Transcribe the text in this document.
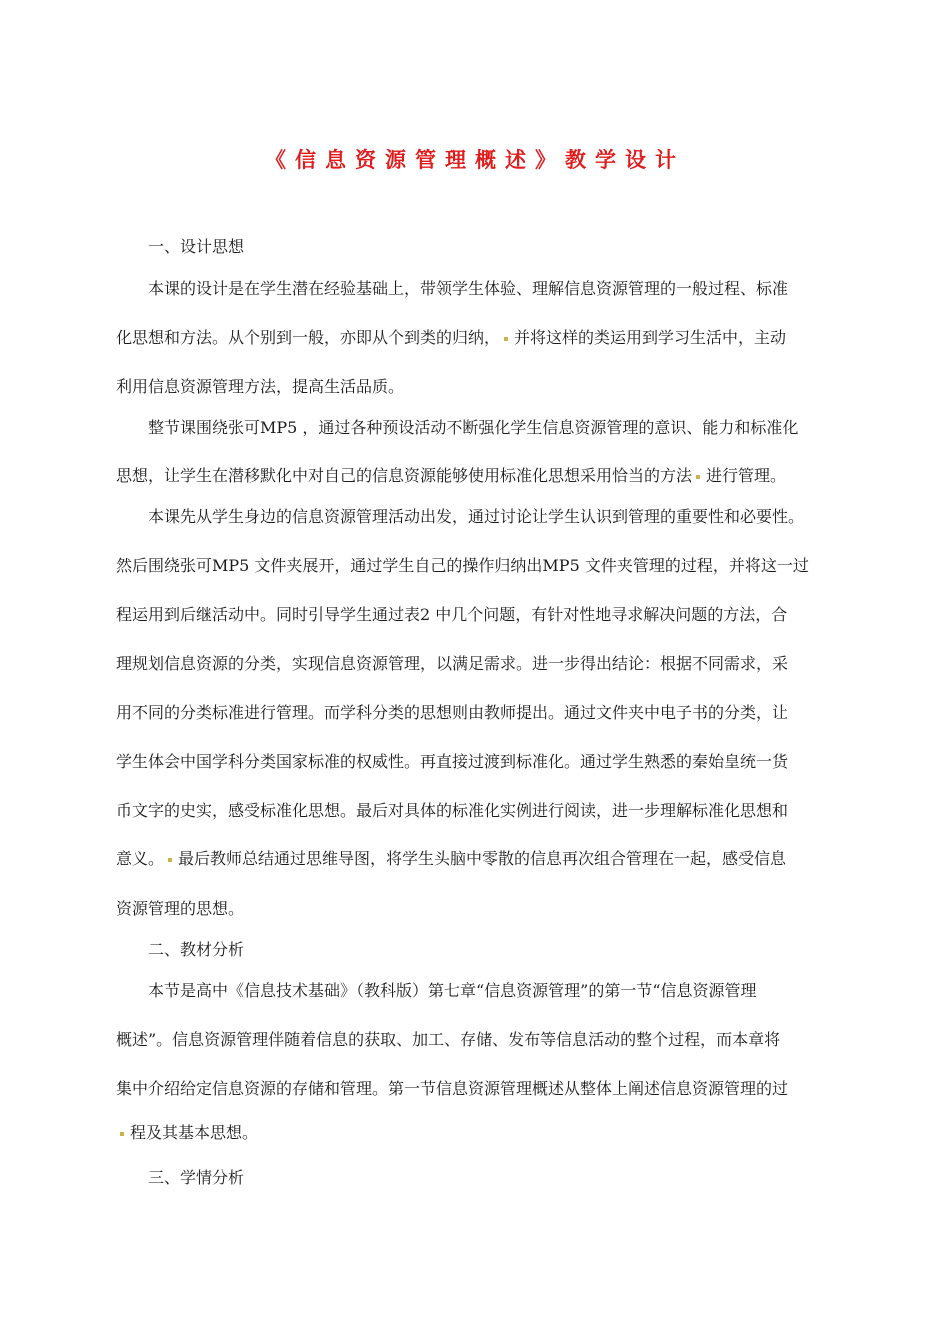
《信息资源管理概述》教学设计
一、设计思想
本课的设计是在学生潜在经验基础上，带领学生体验、理解信息资源管理的一般过程、标准
化思想和方法。从个别到一般，亦即从个到类的归纳， 并将这样的类运用到学习生活中，主动
利用信息资源管理方法，提高生活品质。
整节课围绕张可MP5 ，通过各种预设活动不断强化学生信息资源管理的意识、能力和标准化
思想，让学生在潜移默化中对自己的信息资源能够使用标准化思想采用恰当的方法 进行管理。
本课先从学生身边的信息资源管理活动出发，通过讨论让学生认识到管理的重要性和必要性。
然后围绕张可MP5 文件夹展开，通过学生自己的操作归纳出MP5 文件夹管理的过程，并将这一过
程运用到后继活动中。同时引导学生通过表2 中几个问题，有针对性地寻求解决问题的方法，合
理规划信息资源的分类，实现信息资源管理，以满足需求。进一步得出结论：根据不同需求，采
用不同的分类标准进行管理。而学科分类的思想则由教师提出。通过文件夹中电子书的分类，让
学生体会中国学科分类国家标准的权威性。再直接过渡到标准化。通过学生熟悉的秦始皇统一货
币文字的史实，感受标准化思想。最后对具体的标准化实例进行阅读，进一步理解标准化思想和
意义。 最后教师总结通过思维导图，将学生头脑中零散的信息再次组合管理在一起，感受信息
资源管理的思想。
二、教材分析
本节是高中《信息技术基础》（教科版）第七章“信息资源管理”的第一节“信息资源管理
概述”。信息资源管理伴随着信息的获取、加工、存储、发布等信息活动的整个过程，而本章将
集中介绍给定信息资源的存储和管理。第一节信息资源管理概述从整体上阐述信息资源管理的过
程及其基本思想。
三、学情分析
